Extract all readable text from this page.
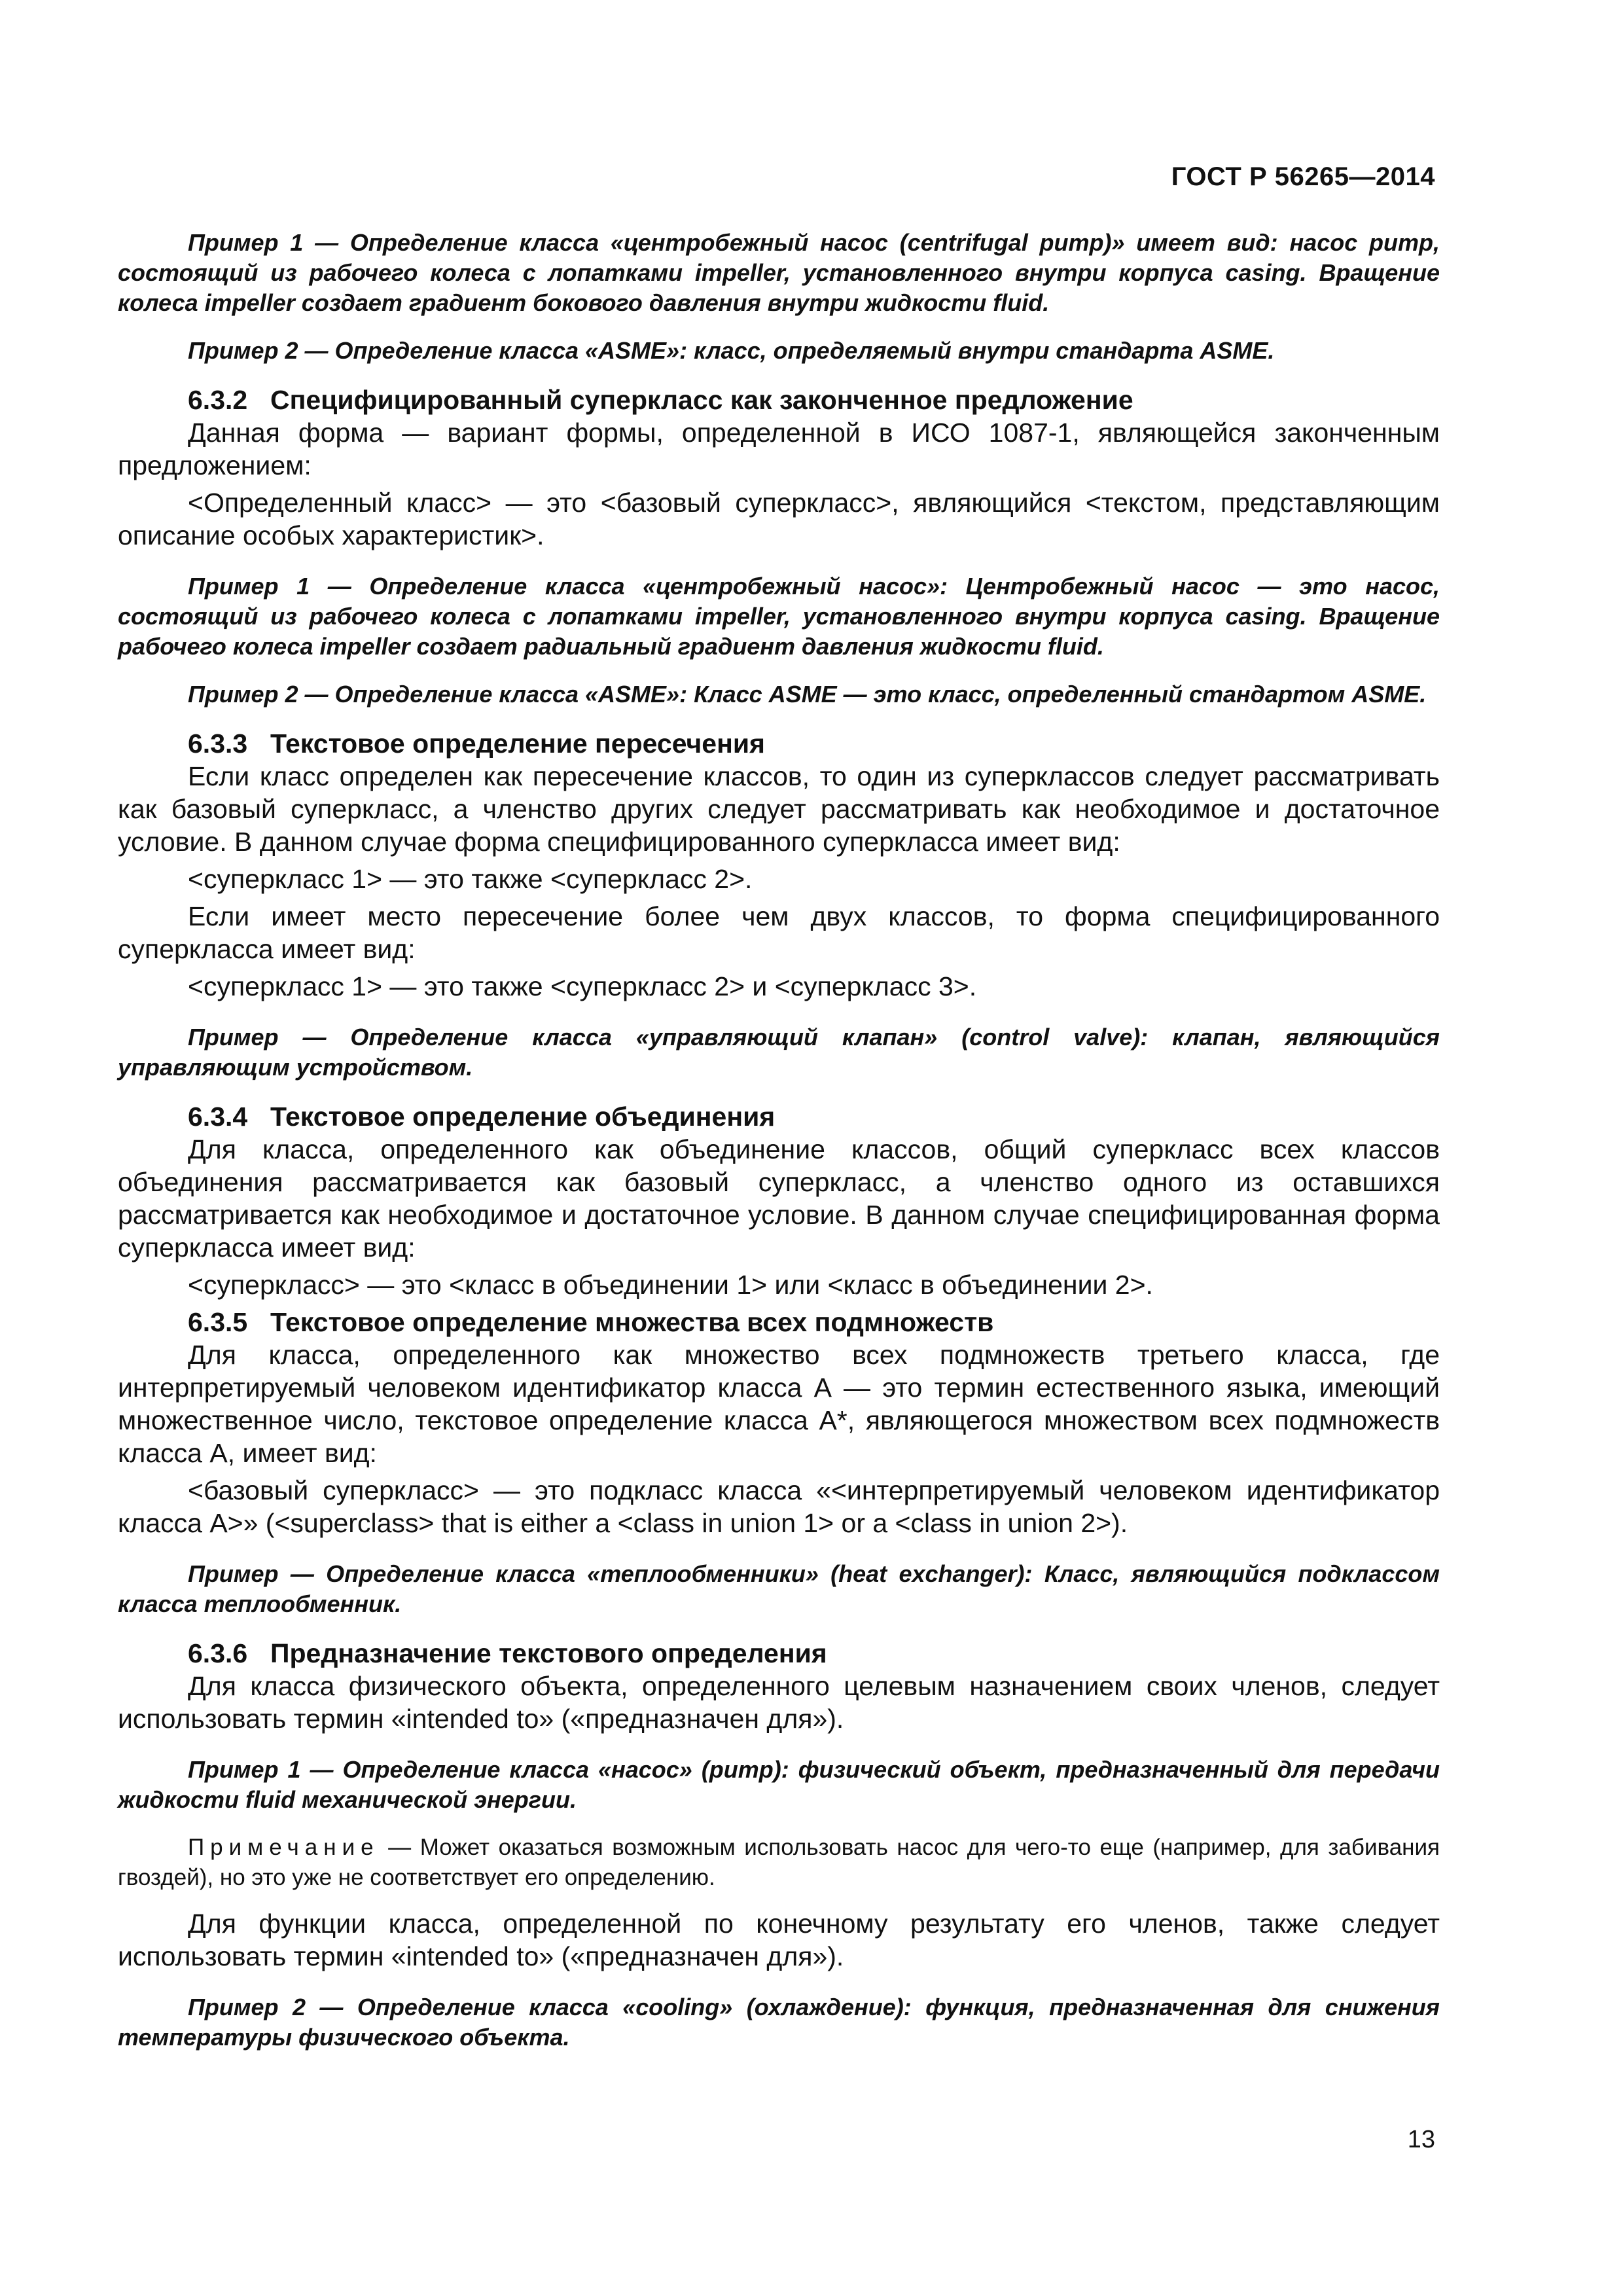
ГОСТ Р 56265—2014
Пример 1 — Определение класса «центробежный насос (centrifugal pump)» имеет вид: насос pump, состоящий из рабочего колеса с лопатками impeller, установленного внутри корпуса casing. Вращение колеса impeller создает градиент бокового давления внутри жидкости fluid.
Пример 2 — Определение класса «ASME»: класс, определяемый внутри стандарта ASME.
6.3.2 Специфицированный суперкласс как законченное предложение
Данная форма — вариант формы, определенной в ИСО 1087-1, являющейся законченным предложением:
<Определенный класс> — это <базовый суперкласс>, являющийся <текстом, представляющим описание особых характеристик>.
Пример 1 — Определение класса «центробежный насос»: Центробежный насос — это насос, состоящий из рабочего колеса с лопатками impeller, установленного внутри корпуса casing. Вращение рабочего колеса impeller создает радиальный градиент давления жидкости fluid.
Пример 2 — Определение класса «ASME»: Класс ASME — это класс, определенный стандартом ASME.
6.3.3 Текстовое определение пересечения
Если класс определен как пересечение классов, то один из суперклассов следует рассматривать как базовый суперкласс, а членство других следует рассматривать как необходимое и достаточное условие. В данном случае форма специфицированного суперкласса имеет вид:
<суперкласс 1> — это также <суперкласс 2>.
Если имеет место пересечение более чем двух классов, то форма специфицированного суперкласса имеет вид:
<суперкласс 1> — это также <суперкласс 2> и <суперкласс 3>.
Пример — Определение класса «управляющий клапан» (control valve): клапан, являющийся управляющим устройством.
6.3.4 Текстовое определение объединения
Для класса, определенного как объединение классов, общий суперкласс всех классов объединения рассматривается как базовый суперкласс, а членство одного из оставшихся рассматривается как необходимое и достаточное условие. В данном случае специфицированная форма суперкласса имеет вид:
<суперкласс> — это <класс в объединении 1> или <класс в объединении 2>.
6.3.5 Текстовое определение множества всех подмножеств
Для класса, определенного как множество всех подмножеств третьего класса, где интерпретируемый человеком идентификатор класса А — это термин естественного языка, имеющий множественное число, текстовое определение класса А*, являющегося множеством всех подмножеств класса А, имеет вид:
<базовый суперкласс> — это подкласс класса «<интерпретируемый человеком идентификатор класса А>» (<superclass> that is either a <class in union 1> or a <class in union 2>).
Пример — Определение класса «теплообменники» (heat exchanger): Класс, являющийся подклассом класса теплообменник.
6.3.6 Предназначение текстового определения
Для класса физического объекта, определенного целевым назначением своих членов, следует использовать термин «intended to» («предназначен для»).
Пример 1 — Определение класса «насос» (pump): физический объект, предназначенный для передачи жидкости fluid механической энергии.
Примечание — Может оказаться возможным использовать насос для чего-то еще (например, для забивания гвоздей), но это уже не соответствует его определению.
Для функции класса, определенной по конечному результату его членов, также следует использовать термин «intended to» («предназначен для»).
Пример 2 — Определение класса «cooling» (охлаждение): функция, предназначенная для снижения температуры физического объекта.
13
